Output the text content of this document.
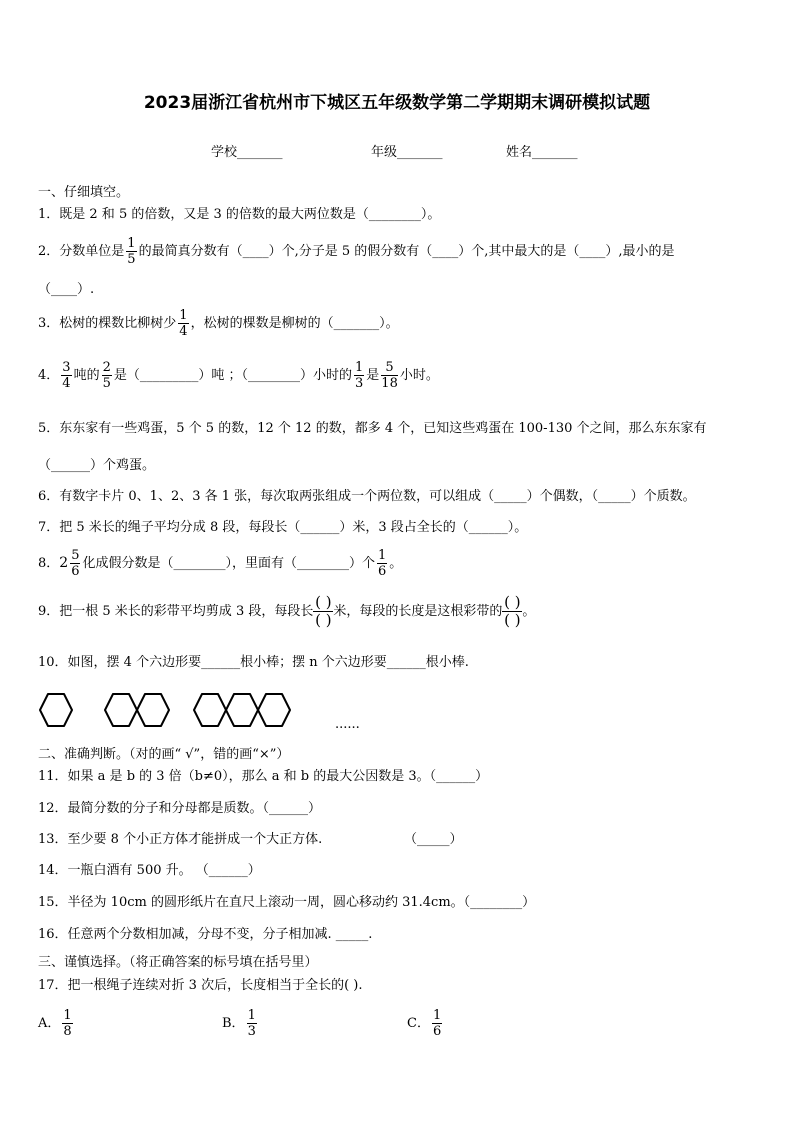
2023届浙江省杭州市下城区五年级数学第二学期期末调研模拟试题
学校_______	年级_______	姓名_______
一、仔细填空。
1．既是 2 和 5 的倍数，又是 3 的倍数的最大两位数是（________）。
2．分数单位是 $\frac{1}{5}$ 的最简真分数有（____）个,分子是 5 的假分数有（____）个,其中最大的是（____）,最小的是
（____）.
3．松树的棵数比柳树少 $\frac{1}{4}$ ，松树的棵数是柳树的（_______）。
4． $\frac{3}{4}$ 吨的 $\frac{2}{5}$ 是（_________）吨 ；（________）小时的 $\frac{1}{3}$ 是 $\frac{5}{18}$ 小时。
5．东东家有一些鸡蛋，5 个 5 的数，12 个 12 的数，都多 4 个，已知这些鸡蛋在 100-130 个之间，那么东东家有
（______）个鸡蛋。
6．有数字卡片 0、1、2、3 各 1 张，每次取两张组成一个两位数，可以组成（_____）个偶数，（_____）个质数。
7．把 5 米长的绳子平均分成 8 段，每段长（______）米，3 段占全长的（______）。
8．$2 \frac{5}{6}$ 化成假分数是（________），里面有（________）个 $\frac{1}{6}$ 。
9．把一根 5 米长的彩带平均剪成 3 段，每段长
( )
( ) 米，每段的长度是这根彩带的
( )
( ) 。
10．如图，摆 4 个六边形要______根小棒；摆 n 个六边形要______根小棒.
......
二、准确判断。（对的画“ √”，错的画“×”）
11．如果 a 是 b 的 3 倍（b≠0），那么 a 和 b 的最大公因数是 3。（______）
12．最简分数的分子和分母都是质数。（______）
13．至少要 8 个小正方体才能拼成一个大正方体.	（_____）
14．一瓶白酒有 500 升。 （______）
15．半径为 10cm 的圆形纸片在直尺上滚动一周，圆心移动约 31.4cm。（________）
16．任意两个分数相加减，分母不变，分子相加减. _____.
三、谨慎选择。（将正确答案的标号填在括号里）
17．把一根绳子连续对折 3 次后，长度相当于全长的( ).
A． $\frac{1}{8}$	B． $\frac{1}{3}$	C． $\frac{1}{6}$
